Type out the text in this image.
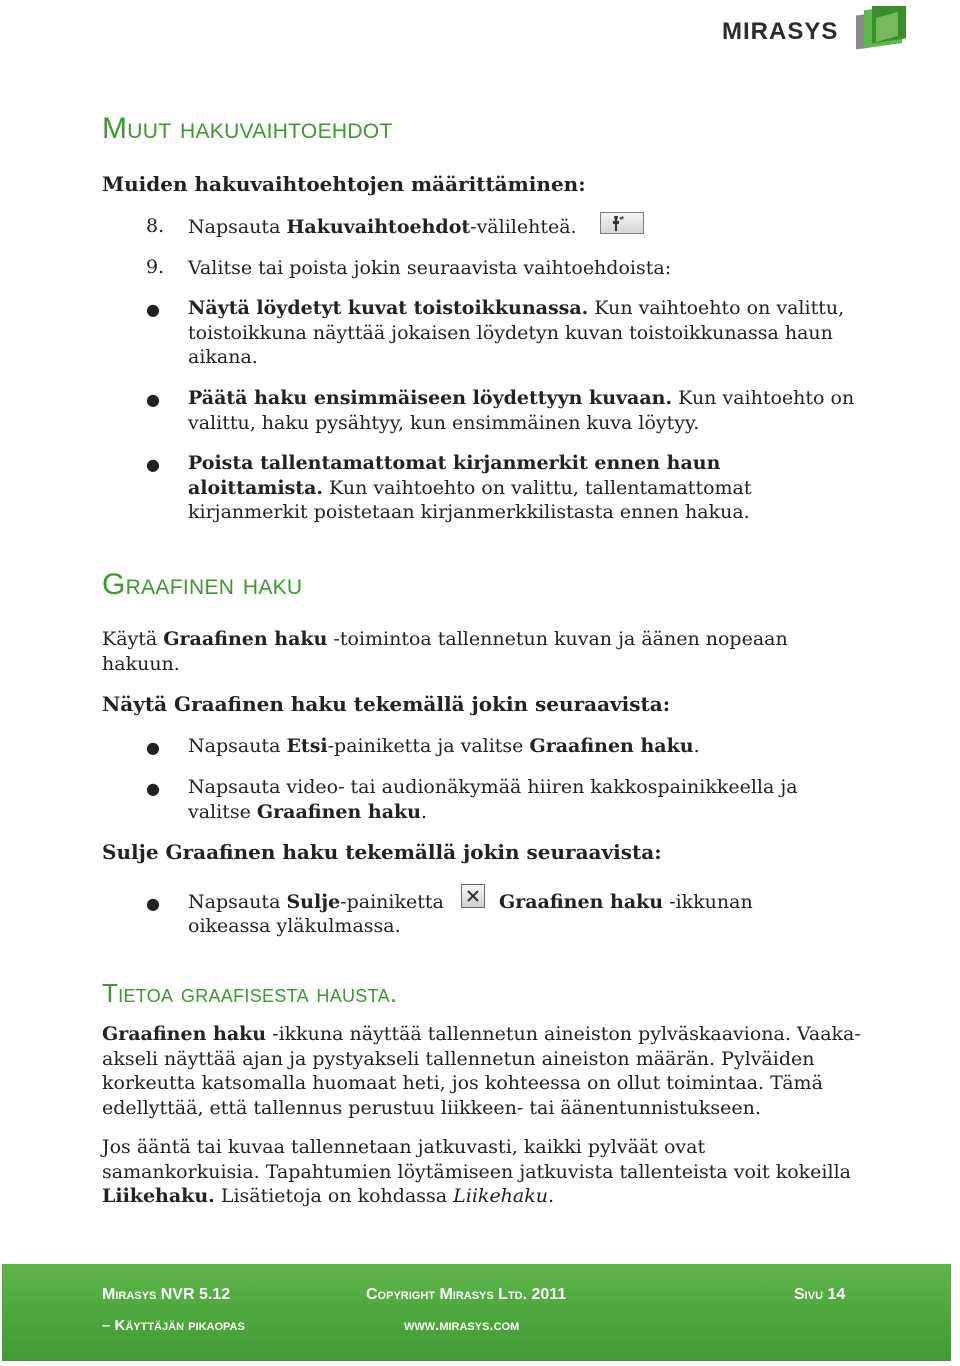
MIRASYS
Muut hakuvaihtoehdot

Muiden hakuvaihtoehtojen määrittäminen:

8. Napsauta Hakuvaihtoehdot-välilehteä.

9. Valitse tai poista jokin seuraavista vaihtoehdoista:

● Näytä löydetyt kuvat toistoikkunassa. Kun vaihtoehto on valittu, toistoikkuna näyttää jokaisen löydetyn kuvan toistoikkunassa haun aikana.

● Päätä haku ensimmäiseen löydettyyn kuvaan. Kun vaihtoehto on valittu, haku pysähtyy, kun ensimmäinen kuva löytyy.

● Poista tallentamattomat kirjanmerkit ennen haun aloittamista. Kun vaihtoehto on valittu, tallentamattomat kirjanmerkit poistetaan kirjanmerkkilistasta ennen hakua.

Graafinen haku

Käytä Graafinen haku -toimintoa tallennetun kuvan ja äänen nopeaan hakuun.

Näytä Graafinen haku tekemällä jokin seuraavista:

● Napsauta Etsi-painiketta ja valitse Graafinen haku.

● Napsauta video- tai audionäkymää hiiren kakkospainikkeella ja valitse Graafinen haku.

Sulje Graafinen haku tekemällä jokin seuraavista:

● Napsauta Sulje-painiketta	Graafinen haku -ikkunan

oikeassa yläkulmassa.

Tietoa graafisesta hausta.

Graafinen haku -ikkuna näyttää tallennetun aineiston pylväskaaviona. Vaaka-akseli näyttää ajan ja pystyakseli tallennetun aineiston määrän. Pylväiden korkeutta katsomalla huomaat heti, jos kohteessa on ollut toimintaa. Tämä edellyttää, että tallennus perustuu liikkeen- tai äänentunnistukseen.

Jos ääntä tai kuvaa tallennetaan jatkuvasti, kaikki pylväät ovat samankorkuisia. Tapahtumien löytämiseen jatkuvista tallenteista voit kokeilla Liikehaku. Lisätietoja on kohdassa Liikehaku.

Mirasys NVR 5.12
– Käyttäjän pikaopas
Copyright Mirasys Ltd. 2011
www.mirasys.com
Sivu 14
